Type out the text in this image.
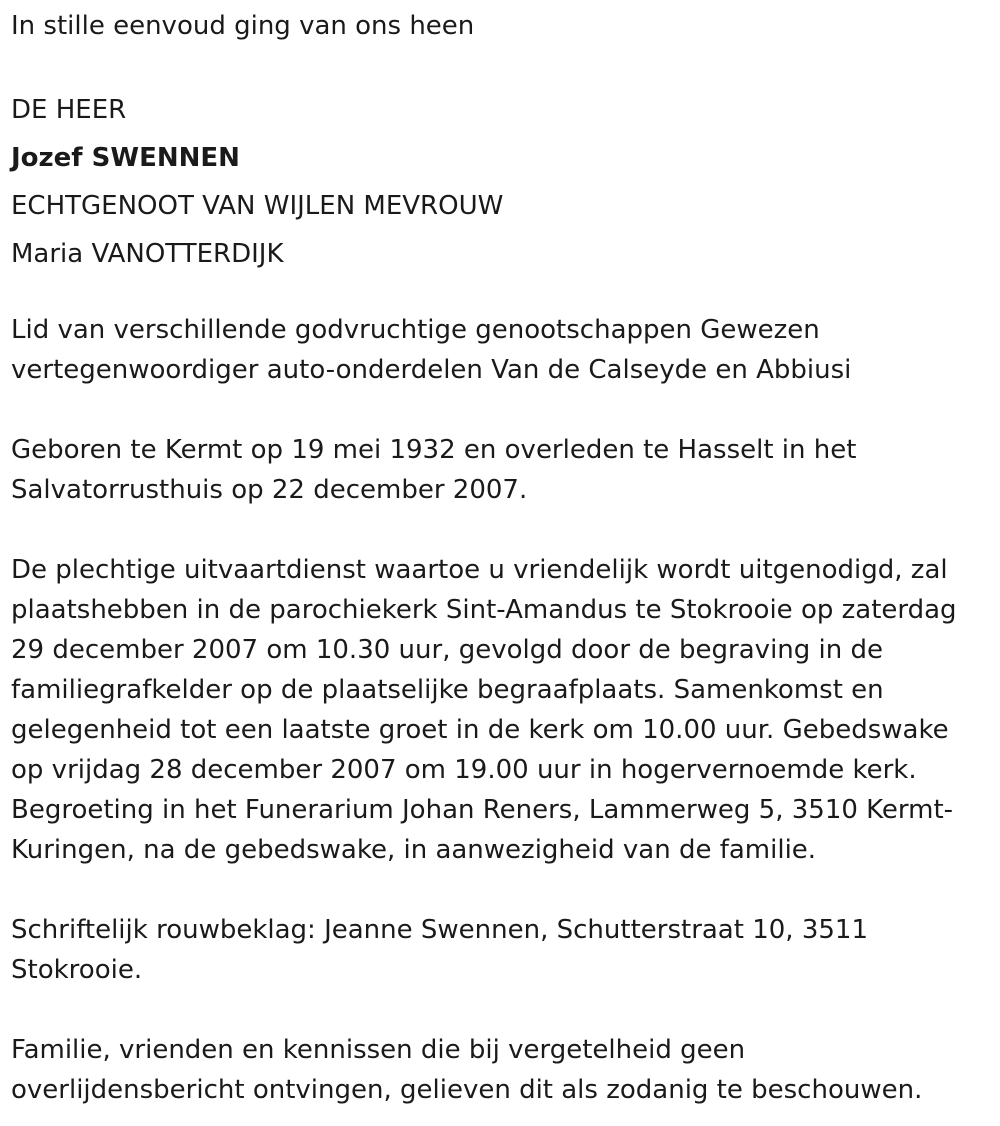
In stille eenvoud ging van ons heen

DE HEER

Jozef SWENNEN

ECHTGENOOT VAN WIJLEN MEVROUW

Maria VANOTTERDIJK

Lid van verschillende godvruchtige genootschappen Gewezen

vertegenwoordiger auto-onderdelen Van de Calseyde en Abbiusi

Geboren te Kermt op 19 mei 1932 en overleden te Hasselt in het

Salvatorrusthuis op 22 december 2007.

De plechtige uitvaartdienst waartoe u vriendelijk wordt uitgenodigd, zal

plaatshebben in de parochiekerk Sint-Amandus te Stokrooie op zaterdag

29 december 2007 om 10.30 uur, gevolgd door de begraving in de

familiegrafkelder op de plaatselijke begraafplaats. Samenkomst en

gelegenheid tot een laatste groet in de kerk om 10.00 uur. Gebedswake

op vrijdag 28 december 2007 om 19.00 uur in hogervernoemde kerk.

Begroeting in het Funerarium Johan Reners, Lammerweg 5, 3510 Kermt-

Kuringen, na de gebedswake, in aanwezigheid van de familie.

Schriftelijk rouwbeklag: Jeanne Swennen, Schutterstraat 10, 3511

Stokrooie.

Familie, vrienden en kennissen die bij vergetelheid geen

overlijdensbericht ontvingen, gelieven dit als zodanig te beschouwen.
